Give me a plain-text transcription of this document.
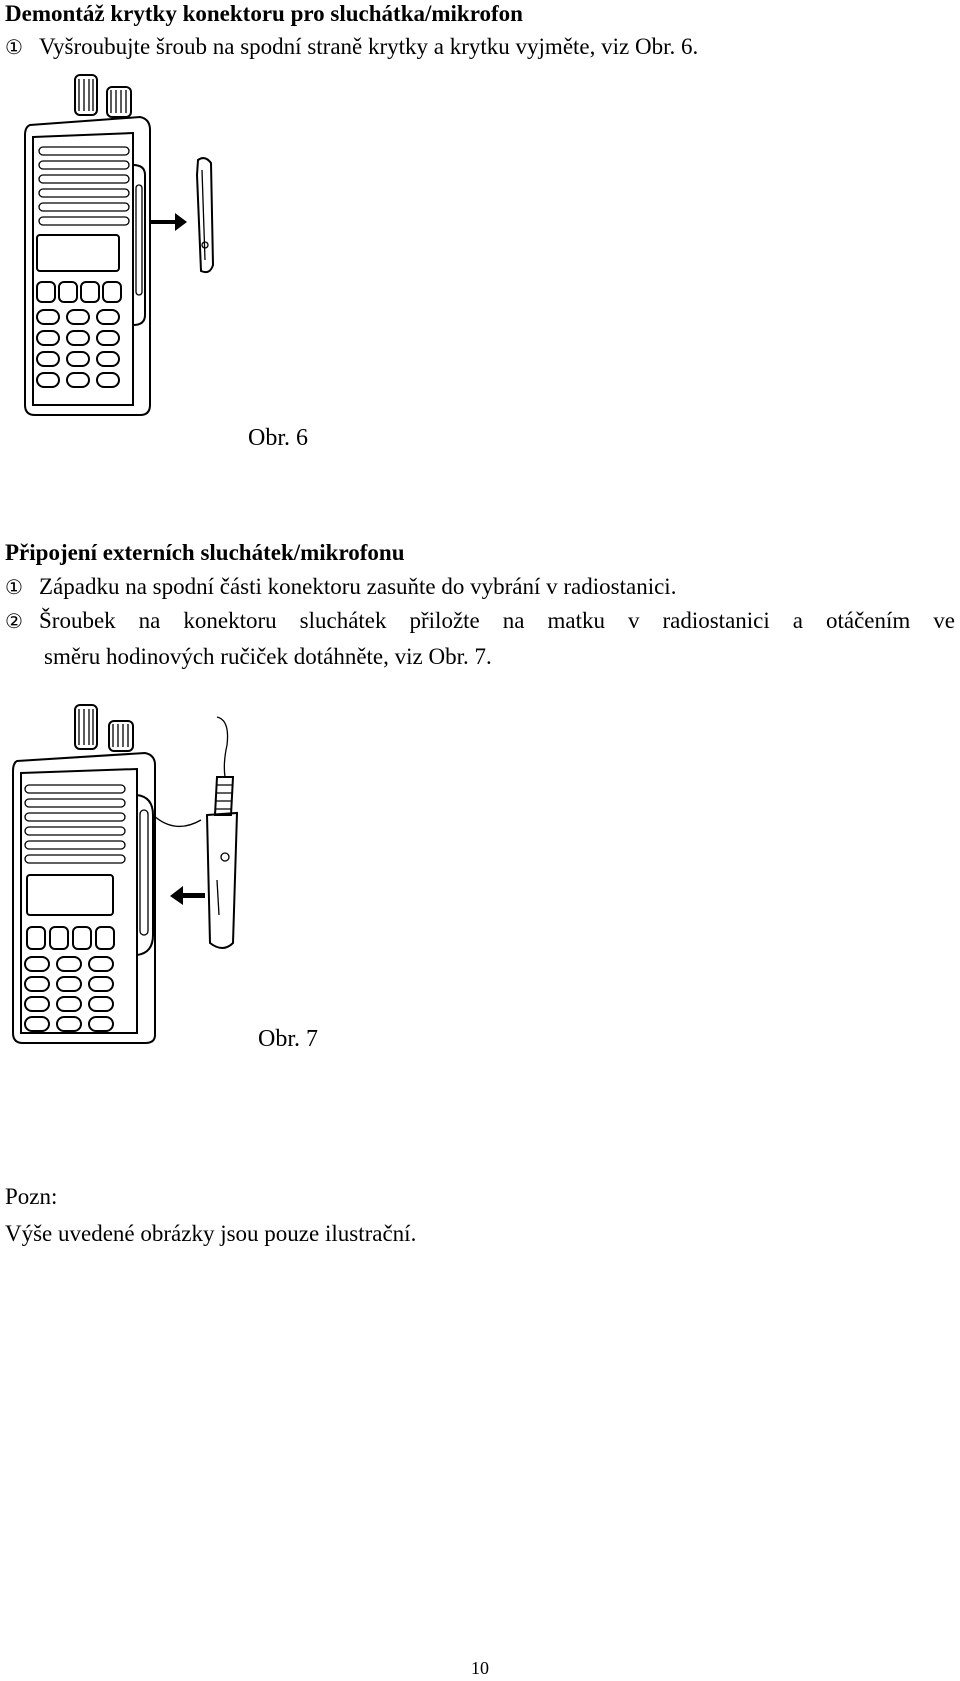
Demontáž krytky konektoru pro sluchátka/mikrofon
① Vyšroubujte šroub na spodní straně krytky a krytku vyjměte, viz Obr. 6.
Obr. 6
Připojení externích sluchátek/mikrofonu
① Západku na spodní části konektoru zasuňte do vybrání v radiostanici.
② Šroubek na konektoru sluchátek přiložte na matku v radiostanici a otáčením ve
směru hodinových ručiček dotáhněte, viz Obr. 7.
Obr. 7
Pozn:
Výše uvedené obrázky jsou pouze ilustrační.
10
